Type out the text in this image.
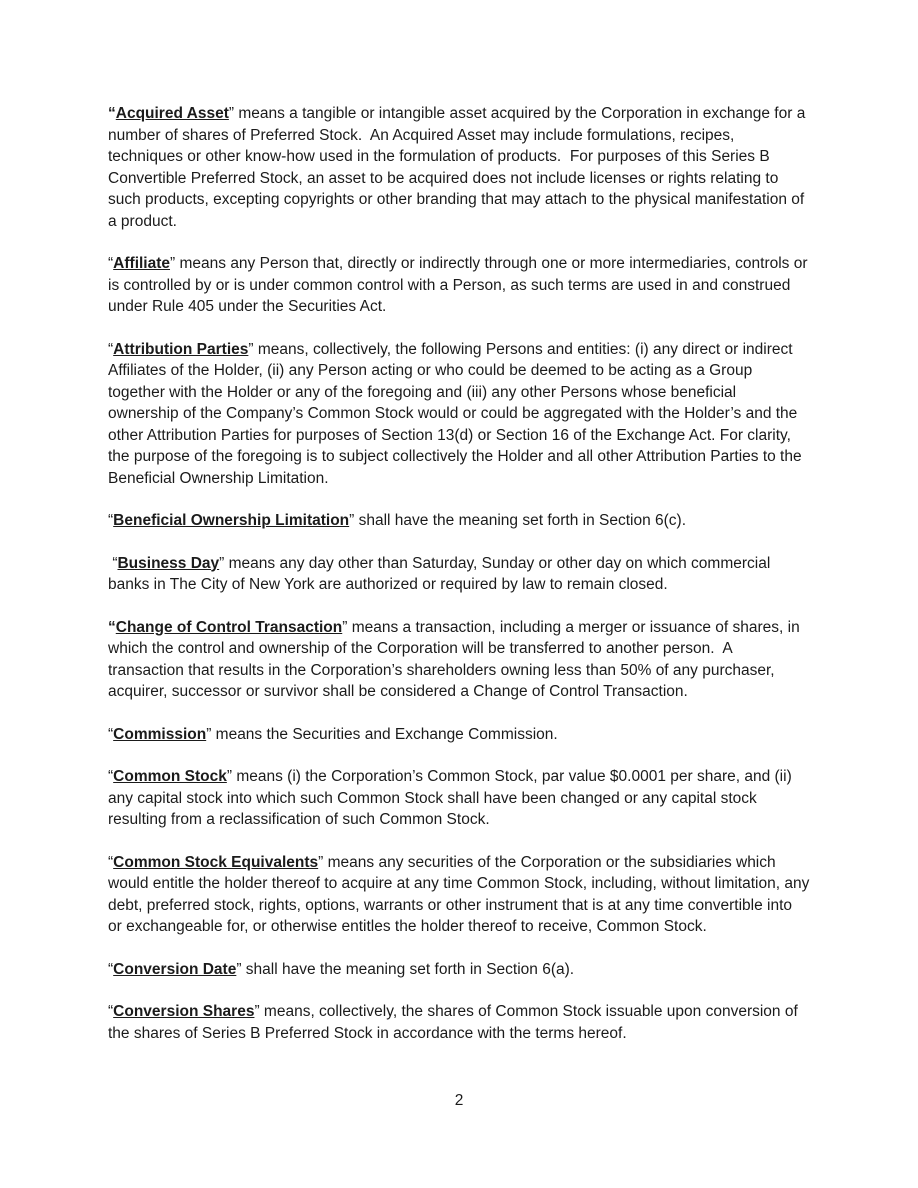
“Acquired Asset” means a tangible or intangible asset acquired by the Corporation in exchange for a number of shares of Preferred Stock.  An Acquired Asset may include formulations, recipes, techniques or other know-how used in the formulation of products.  For purposes of this Series B Convertible Preferred Stock, an asset to be acquired does not include licenses or rights relating to such products, excepting copyrights or other branding that may attach to the physical manifestation of a product.

“Affiliate” means any Person that, directly or indirectly through one or more intermediaries, controls or is controlled by or is under common control with a Person, as such terms are used in and construed under Rule 405 under the Securities Act.

“Attribution Parties” means, collectively, the following Persons and entities: (i) any direct or indirect Affiliates of the Holder, (ii) any Person acting or who could be deemed to be acting as a Group together with the Holder or any of the foregoing and (iii) any other Persons whose beneficial ownership of the Company’s Common Stock would or could be aggregated with the Holder’s and the other Attribution Parties for purposes of Section 13(d) or Section 16 of the Exchange Act. For clarity, the purpose of the foregoing is to subject collectively the Holder and all other Attribution Parties to the Beneficial Ownership Limitation.

“Beneficial Ownership Limitation” shall have the meaning set forth in Section 6(c).

“Business Day” means any day other than Saturday, Sunday or other day on which commercial banks in The City of New York are authorized or required by law to remain closed.

“Change of Control Transaction” means a transaction, including a merger or issuance of shares, in which the control and ownership of the Corporation will be transferred to another person.  A transaction that results in the Corporation’s shareholders owning less than 50% of any purchaser, acquirer, successor or survivor shall be considered a Change of Control Transaction.

“Commission” means the Securities and Exchange Commission.

“Common Stock” means (i) the Corporation’s Common Stock, par value $0.0001 per share, and (ii) any capital stock into which such Common Stock shall have been changed or any capital stock resulting from a reclassification of such Common Stock.

“Common Stock Equivalents” means any securities of the Corporation or the subsidiaries which would entitle the holder thereof to acquire at any time Common Stock, including, without limitation, any debt, preferred stock, rights, options, warrants or other instrument that is at any time convertible into or exchangeable for, or otherwise entitles the holder thereof to receive, Common Stock.

“Conversion Date” shall have the meaning set forth in Section 6(a).

“Conversion Shares” means, collectively, the shares of Common Stock issuable upon conversion of the shares of Series B Preferred Stock in accordance with the terms hereof.

2
